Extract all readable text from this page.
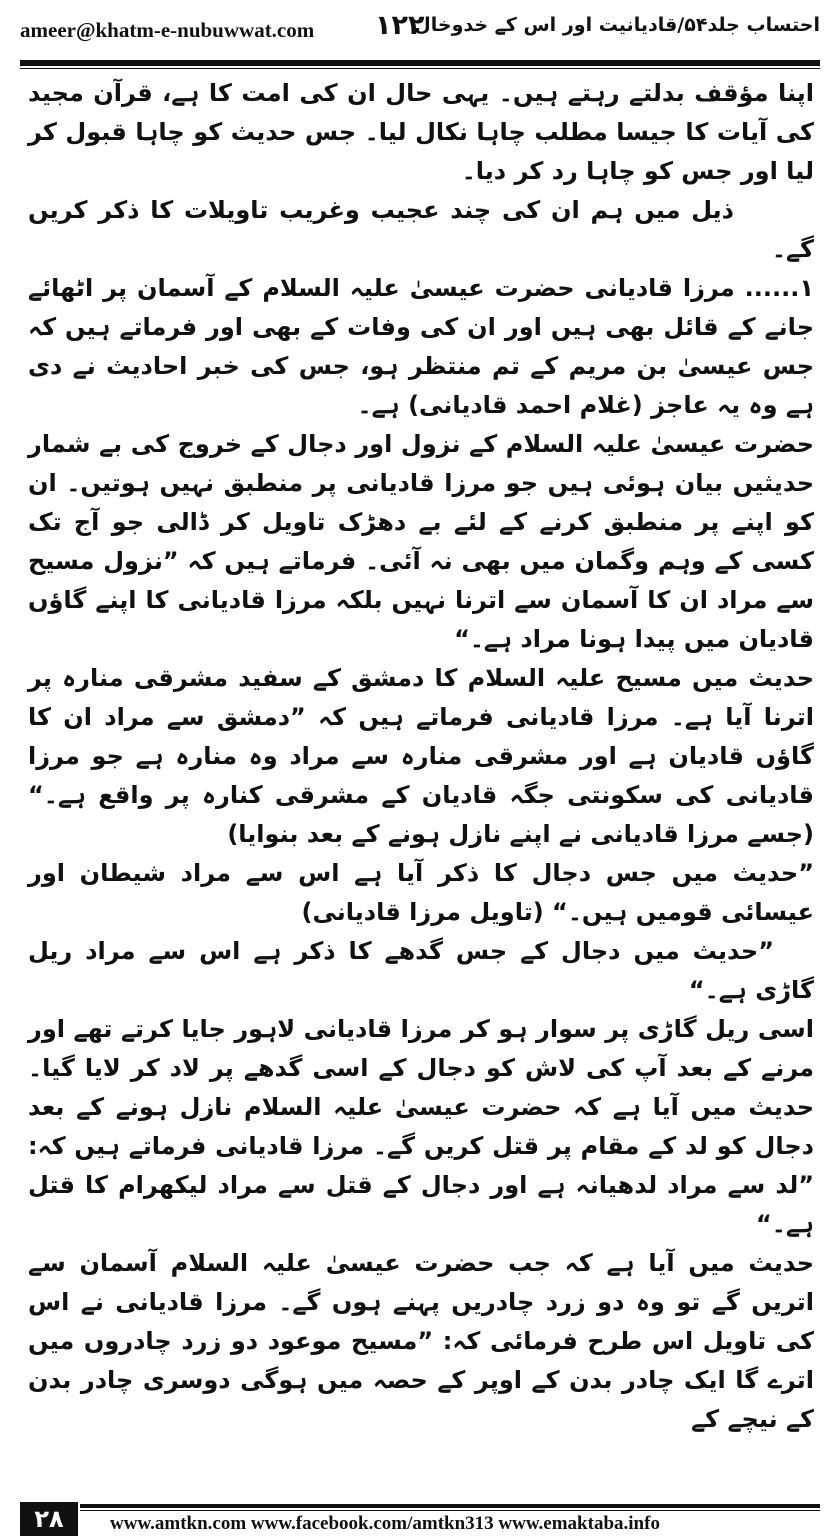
ameer@khatm-e-nubuwwat.com ۱۲۲
احتساب جلد۵۴/قادیانیت اور اس کے خدوخال

اپنا مؤقف بدلتے رہتے ہیں۔ یہی حال ان کی امت کا ہے، قرآن مجید کی آیات کا جیسا مطلب چاہا نکال لیا۔ جس حدیث کو چاہا قبول کر لیا اور جس کو چاہا رد کر دیا۔

ذیل میں ہم ان کی چند عجیب وغریب تاویلات کا ذکر کریں گے۔

۱...... مرزا قادیانی حضرت عیسیٰ علیہ السلام کے آسمان پر اٹھائے جانے کے قائل بھی ہیں اور ان کی وفات کے بھی اور فرماتے ہیں کہ جس عیسیٰ بن مریم کے تم منتظر ہو، جس کی خبر احادیث نے دی ہے وہ یہ عاجز (غلام احمد قادیانی) ہے۔

حضرت عیسیٰ علیہ السلام کے نزول اور دجال کے خروج کی بے شمار حدیثیں بیان ہوئی ہیں جو مرزا قادیانی پر منطبق نہیں ہوتیں۔ ان کو اپنے پر منطبق کرنے کے لئے بے دھڑک تاویل کر ڈالی جو آج تک کسی کے وہم وگمان میں بھی نہ آئی۔ فرماتے ہیں کہ ”نزول مسیح سے مراد ان کا آسمان سے اترنا نہیں بلکہ مرزا قادیانی کا اپنے گاؤں قادیان میں پیدا ہونا مراد ہے۔“

حدیث میں مسیح علیہ السلام کا دمشق کے سفید مشرقی منارہ پر اترنا آیا ہے۔ مرزا قادیانی فرماتے ہیں کہ ”دمشق سے مراد ان کا گاؤں قادیان ہے اور مشرقی منارہ سے مراد وہ منارہ ہے جو مرزا قادیانی کی سکونتی جگہ قادیان کے مشرقی کنارہ پر واقع ہے۔“ (جسے مرزا قادیانی نے اپنے نازل ہونے کے بعد بنوایا)

”حدیث میں جس دجال کا ذکر آیا ہے اس سے مراد شیطان اور عیسائی قومیں ہیں۔“ (تاویل مرزا قادیانی)

”حدیث میں دجال کے جس گدھے کا ذکر ہے اس سے مراد ریل گاڑی ہے۔“

اسی ریل گاڑی پر سوار ہو کر مرزا قادیانی لاہور جایا کرتے تھے اور مرنے کے بعد آپ کی لاش کو دجال کے اسی گدھے پر لاد کر لایا گیا۔ حدیث میں آیا ہے کہ حضرت عیسیٰ علیہ السلام نازل ہونے کے بعد دجال کو لد کے مقام پر قتل کریں گے۔ مرزا قادیانی فرماتے ہیں کہ: ”لد سے مراد لدھیانہ ہے اور دجال کے قتل سے مراد لیکھرام کا قتل ہے۔“

حدیث میں آیا ہے کہ جب حضرت عیسیٰ علیہ السلام آسمان سے اتریں گے تو وہ دو زرد چادریں پہنے ہوں گے۔ مرزا قادیانی نے اس کی تاویل اس طرح فرمائی کہ: ”مسیح موعود دو زرد چادروں میں اترے گا ایک چادر بدن کے اوپر کے حصہ میں ہوگی دوسری چادر بدن کے نیچے کے

۲۸	www.amtkn.com www.facebook.com/amtkn313 www.emaktaba.info
